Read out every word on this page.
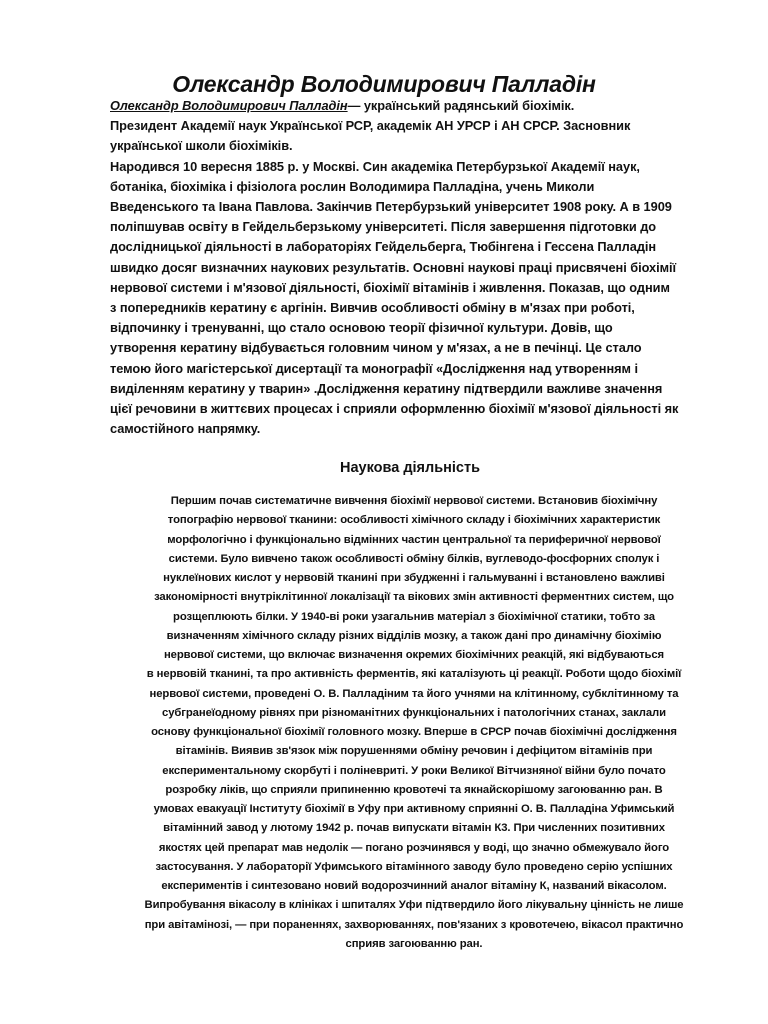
Олександр Володимирович Палладін
Олександр Володимирович Палладін— український радянський біохімік.
Президент Академії наук Української РСР, академік АН УРСР і АН СРСР. Засновник
української школи біохіміків.
Народився 10 вересня 1885 р. у Москві. Син академіка Петербурзької Академії наук,
ботаніка, біохіміка і фізіолога рослин Володимира Палладіна, учень Миколи
Введенського та Івана Павлова. Закінчив Петербурзький університет 1908 року. А в 1909
поліпшував освіту в Гейдельберзькому університеті. Після завершення підготовки до
дослідницької діяльності в лабораторіях Гейдельберга, Тюбінгена і Гессена Палладін
швидко досяг визначних наукових результатів. Основні наукові праці присвячені біохімії
нервової системи і м'язової діяльності, біохімії вітамінів і живлення. Показав, що одним
з попередників кератину є аргінін. Вивчив особливості обміну в м'язах при роботі,
відпочинку і тренуванні, що стало основою теорії фізичної культури. Довів, що
утворення кератину відбувається головним чином у м'язах, а не в печінці. Це стало
темою його магістерської дисертації та монографії «Дослідження над утворенням і
виділенням кератину у тварин» .Дослідження кератину підтвердили важливе значення
цієї речовини в життєвих процесах і сприяли оформленню біохімії м'язової діяльності як
самостійного напрямку.
Наукова діяльність
Першим почав систематичне вивчення біохімії нервової системи. Встановив біохімічну
топографію нервової тканини: особливості хімічного складу і біохімічних характеристик
морфологічно і функціонально відмінних частин центральної та периферичної нервової
системи. Було вивчено також особливості обміну білків, вуглеводо-фосфорних сполук і
нуклеїнових кислот у нервовій тканині при збудженні і гальмуванні і встановлено важливі
закономірності внутріклітинної локалізації та вікових змін активності ферментних систем, що
розщеплюють білки. У 1940-ві роки узагальнив матеріал з біохімічної статики, тобто за
визначенням хімічного складу різних відділів мозку, а також дані про динамічну біохімію
нервової системи, що включає визначення окремих біохімічних реакцій, які відбуваються
в нервовій тканині, та про активність ферментів, які каталізують ці реакції. Роботи щодо біохімії
нервової системи, проведені О. В. Палладіним та його учнями на клітинному, субклітинному та
субгранеїодному рівнях при різноманітних функціональних і патологічних станах, заклали
основу функціональної біохімії головного мозку. Вперше в СРСР почав біохімічні дослідження
вітамінів. Виявив зв'язок між порушеннями обміну речовин і дефіцитом вітамінів при
експериментальному скорбуті і поліневриті. У роки Великої Вітчизняної війни було почато
розробку ліків, що сприяли припиненню кровотечі та якнайскорішому загоюванню ран. В
умовах евакуації Інституту біохімії в Уфу при активному сприянні О. В. Палладіна Уфимський
вітамінний завод у лютому 1942 р. почав випускати вітамін К3. При численних позитивних
якостях цей препарат мав недолік — погано розчинявся у воді, що значно обмежувало його
застосування. У лабораторії Уфимського вітамінного заводу було проведено серію успішних
експериментів і синтезовано новий водорозчинний аналог вітаміну К, названий вікасолом.
Випробування вікасолу в клініках і шпиталях Уфи підтвердило його лікувальну цінність не лише
при авітамінозі, — при пораненнях, захворюваннях, пов'язаних з кровотечею, вікасол практично
сприяв загоюванню ран.
